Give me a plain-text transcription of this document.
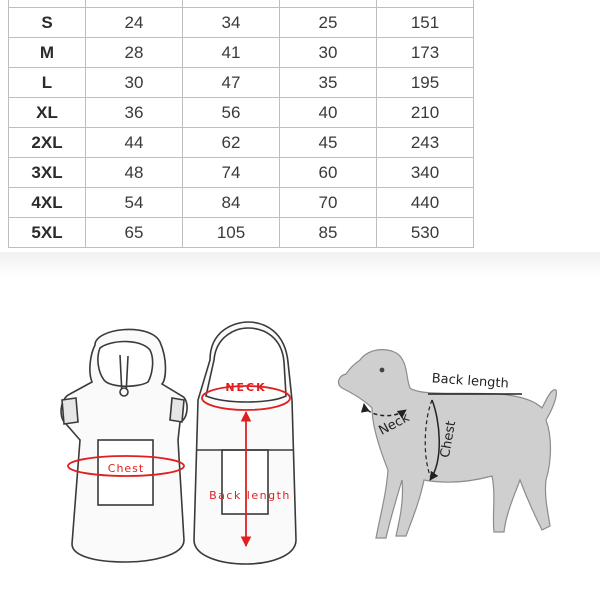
S	24	34	25	151
M	28	41	30	173
L	30	47	35	195
XL	36	56	40	210
2XL	44	62	45	243
3XL	48	74	60	340
4XL	54	84	70	440
5XL	65	105	85	530
Chest
NECK
Back length
Neck
Back length
Chest
